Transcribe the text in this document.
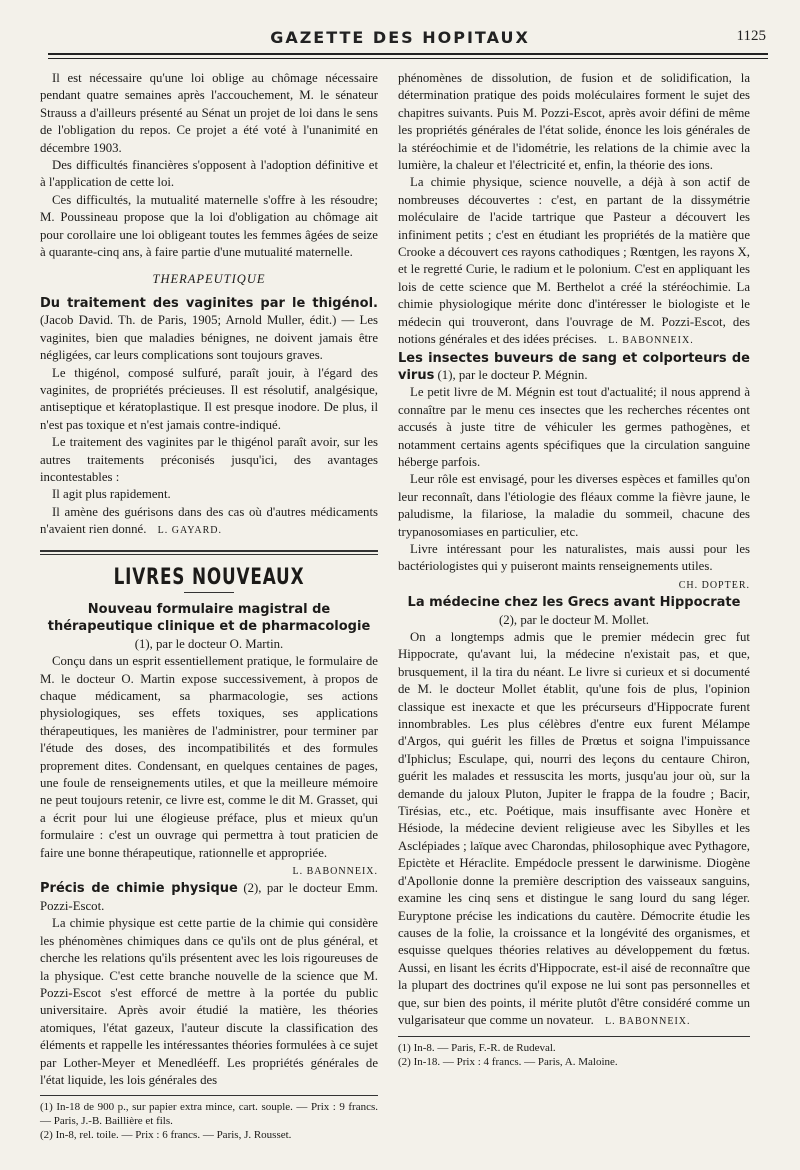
GAZETTE DES HOPITAUX	1125

Il est nécessaire qu'une loi oblige au chômage nécessaire pendant quatre semaines après l'accouchement, M. le sénateur Strauss a d'ailleurs présenté au Sénat un projet de loi dans le sens de l'obligation du repos. Ce projet a été voté à l'unanimité en décembre 1903.

Des difficultés financières s'opposent à l'adoption définitive et à l'application de cette loi.

Ces difficultés, la mutualité maternelle s'offre à les résoudre; M. Poussineau propose que la loi d'obligation au chômage ait pour corollaire une loi obligeant toutes les femmes âgées de seize à quarante-cinq ans, à faire partie d'une mutualité maternelle.

THERAPEUTIQUE

Du traitement des vaginites par le thigénol. (Jacob David. Th. de Paris, 1905; Arnold Muller, édit.) — Les vaginites, bien que maladies bénignes, ne doivent jamais être négligées, car leurs complications sont toujours graves.

Le thigénol, composé sulfuré, paraît jouir, à l'égard des vaginites, de propriétés précieuses. Il est résolutif, analgésique, antiseptique et kératoplastique. Il est presque inodore. De plus, il n'est pas toxique et n'est jamais contre-indiqué.

Le traitement des vaginites par le thigénol paraît avoir, sur les autres traitements préconisés jusqu'ici, des avantages incontestables :

Il agit plus rapidement.

Il amène des guérisons dans des cas où d'autres médicaments n'avaient rien donné. L. GAYARD.

LIVRES NOUVEAUX

Nouveau formulaire magistral de thérapeutique clinique et de pharmacologie (1), par le docteur O. Martin.

Conçu dans un esprit essentiellement pratique, le formulaire de M. le docteur O. Martin expose successivement, à propos de chaque médicament, sa pharmacologie, ses actions physiologiques, ses effets toxiques, ses applications thérapeutiques, les manières de l'administrer, pour terminer par l'étude des doses, des incompatibilités et des formules proprement dites. Condensant, en quelques centaines de pages, une foule de renseignements utiles, et que la meilleure mémoire ne peut toujours retenir, ce livre est, comme le dit M. Grasset, qui a écrit pour lui une élogieuse préface, plus et mieux qu'un formulaire : c'est un ouvrage qui permettra à tout praticien de faire une bonne thérapeutique, rationnelle et appropriée.

L. BABONNEIX.

Précis de chimie physique (2), par le docteur Emm. Pozzi-Escot.

La chimie physique est cette partie de la chimie qui considère les phénomènes chimiques dans ce qu'ils ont de plus général, et cherche les relations qu'ils présentent avec les lois rigoureuses de la physique. C'est cette branche nouvelle de la science que M. Pozzi-Escot s'est efforcé de mettre à la portée du public universitaire. Après avoir étudié la matière, les théories atomiques, l'état gazeux, l'auteur discute la classification des éléments et rappelle les intéressantes théories formulées à ce sujet par Lother-Meyer et Menedléeff. Les propriétés générales de l'état liquide, les lois générales des

(1) In-18 de 900 p., sur papier extra mince, cart. souple. — Prix : 9 francs. — Paris, J.-B. Baillière et fils.

(2) In-8, rel. toile. — Prix : 6 francs. — Paris, J. Rousset.

phénomènes de dissolution, de fusion et de solidification, la détermination pratique des poids moléculaires forment le sujet des chapitres suivants. Puis M. Pozzi-Escot, après avoir défini de même les propriétés générales de l'état solide, énonce les lois générales de la stéréochimie et de l'idométrie, les relations de la chimie avec la lumière, la chaleur et l'électricité et, enfin, la théorie des ions.

La chimie physique, science nouvelle, a déjà à son actif de nombreuses découvertes : c'est, en partant de la dissymétrie moléculaire de l'acide tartrique que Pasteur a découvert les infiniment petits ; c'est en étudiant les propriétés de la matière que Crooke a découvert ces rayons cathodiques ; Rœntgen, les rayons X, et le regretté Curie, le radium et le polonium. C'est en appliquant les lois de cette science que M. Berthelot a créé la stéréochimie. La chimie physiologique mérite donc d'intéresser le biologiste et le médecin qui trouveront, dans l'ouvrage de M. Pozzi-Escot, des notions générales et des idées précises. L. BABONNEIX.

Les insectes buveurs de sang et colporteurs de virus (1), par le docteur P. Mégnin.

Le petit livre de M. Mégnin est tout d'actualité; il nous apprend à connaître par le menu ces insectes que les recherches récentes ont accusés à juste titre de véhiculer les germes pathogènes, et notamment certains agents spécifiques que la circulation sanguine héberge parfois.

Leur rôle est envisagé, pour les diverses espèces et familles qu'on leur reconnaît, dans l'étiologie des fléaux comme la fièvre jaune, le paludisme, la filariose, la maladie du sommeil, chacune des trypanosomiases en particulier, etc.

Livre intéressant pour les naturalistes, mais aussi pour les bactériologistes qui y puiseront maints renseignements utiles.

CH. DOPTER.

La médecine chez les Grecs avant Hippocrate (2), par le docteur M. Mollet.

On a longtemps admis que le premier médecin grec fut Hippocrate, qu'avant lui, la médecine n'existait pas, et que, brusquement, il la tira du néant. Le livre si curieux et si documenté de M. le docteur Mollet établit, qu'une fois de plus, l'opinion classique est inexacte et que les précurseurs d'Hippocrate furent innombrables. Les plus célèbres d'entre eux furent Mélampe d'Argos, qui guérit les filles de Prœtus et soigna l'impuissance d'Iphiclus; Esculape, qui, nourri des leçons du centaure Chiron, guérit les malades et ressuscita les morts, jusqu'au jour où, sur la demande du jaloux Pluton, Jupiter le frappa de la foudre ; Bacir, Tirésias, etc., etc. Poétique, mais insuffisante avec Honère et Hésiode, la médecine devient religieuse avec les Sibylles et les Asclépiades ; laïque avec Charondas, philosophique avec Pythagore, Epictète et Héraclite. Empédocle pressent le darwinisme. Diogène d'Apollonie donne la première description des vaisseaux sanguins, examine les cinq sens et distingue le sang lourd du sang léger. Euryptone précise les indications du cautère. Démocrite étudie les causes de la folie, la croissance et la longévité des organismes, et esquisse quelques théories relatives au développement du fœtus. Aussi, en lisant les écrits d'Hippocrate, est-il aisé de reconnaître que la plupart des doctrines qu'il expose ne lui sont pas personnelles et que, sur bien des points, il mérite plutôt d'être considéré comme un vulgarisateur que comme un novateur. L. BABONNEIX.

(1) In-8. — Paris, F.-R. de Rudeval.

(2) In-18. — Prix : 4 francs. — Paris, A. Maloine.
